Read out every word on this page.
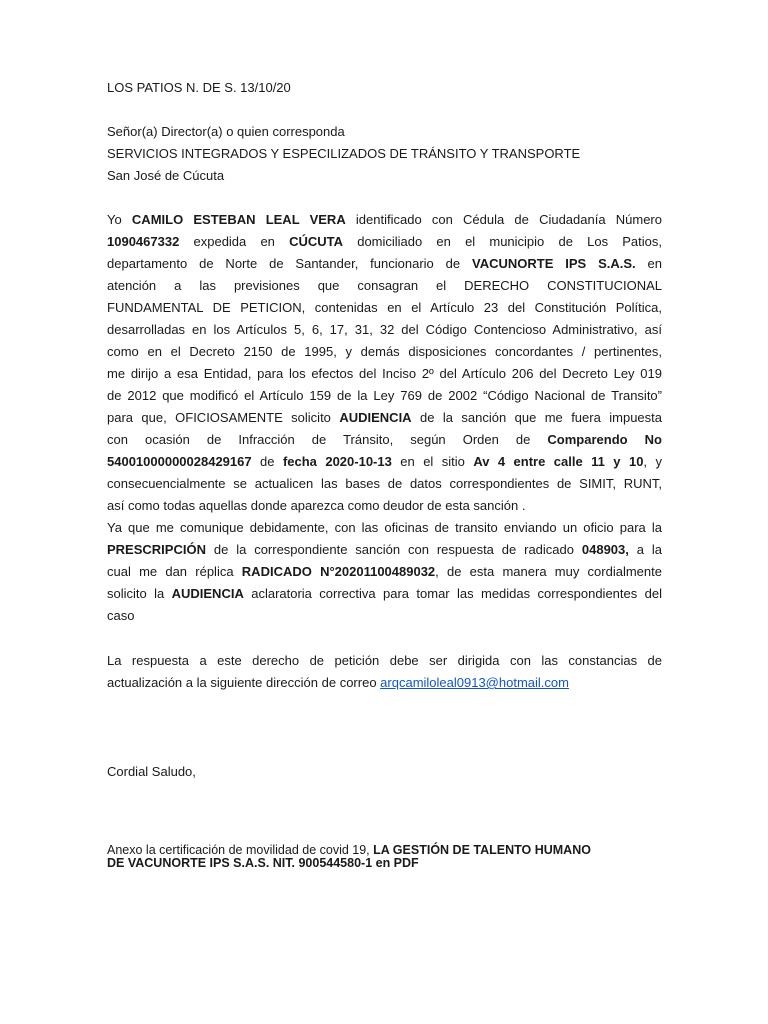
LOS PATIOS N. DE S. 13/10/20
Señor(a) Director(a) o quien corresponda
SERVICIOS INTEGRADOS Y ESPECILIZADOS DE TRÁNSITO Y TRANSPORTE
San José de Cúcuta
Yo CAMILO ESTEBAN LEAL VERA identificado con Cédula de Ciudadanía Número
1090467332 expedida en CÚCUTA domiciliado en el municipio de Los Patios,
departamento de Norte de Santander, funcionario de VACUNORTE IPS S.A.S. en
atención a las previsiones que consagran el DERECHO CONSTITUCIONAL
FUNDAMENTAL DE PETICION, contenidas en el Artículo 23 del Constitución Política,
desarrolladas en los Artículos 5, 6, 17, 31, 32 del Código Contencioso Administrativo, así
como en el Decreto 2150 de 1995, y demás disposiciones concordantes / pertinentes,
me dirijo a esa Entidad, para los efectos del Inciso 2º del Artículo 206 del Decreto Ley 019
de 2012 que modificó el Artículo 159 de la Ley 769 de 2002 “Código Nacional de Transito”
para que, OFICIOSAMENTE solicito AUDIENCIA de la sanción que me fuera impuesta
con ocasión de Infracción de Tránsito, según Orden de Comparendo No
54001000000028429167 de fecha 2020-10-13 en el sitio Av 4 entre calle 11 y 10, y
consecuencialmente se actualicen las bases de datos correspondientes de SIMIT, RUNT,
así como todas aquellas donde aparezca como deudor de esta sanción .
Ya que me comunique debidamente, con las oficinas de transito enviando un oficio para la
PRESCRIPCIÓN de la correspondiente sanción con respuesta de radicado 048903, a la
cual me dan réplica RADICADO N°20201100489032, de esta manera muy cordialmente
solicito la AUDIENCIA aclaratoria correctiva para tomar las medidas correspondientes del
caso
La respuesta a este derecho de petición debe ser dirigida con las constancias de
actualización a la siguiente dirección de correo arqcamiloleal0913@hotmail.com
Cordial Saludo,
Anexo la certificación de movilidad de covid 19, LA GESTIÓN DE TALENTO HUMANO
DE VACUNORTE IPS S.A.S. NIT. 900544580-1 en PDF
